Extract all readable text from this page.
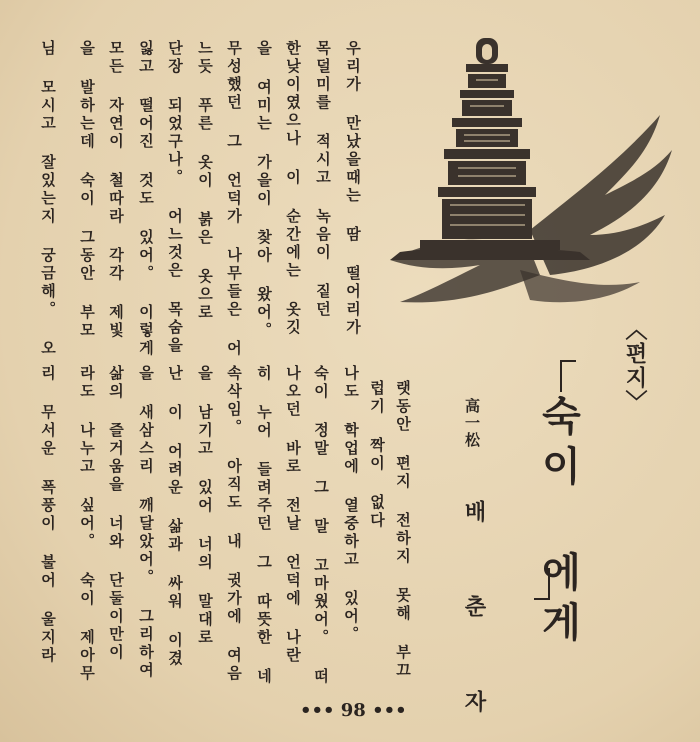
〈편지〉
숙이 에게
高一松
배 춘 자
우리가 만났을때는 땀 떨어리가
목덜미를 적시고 녹음이 짙던
한낮이였으나 이 순간에는 옷깃
을 여미는 가을이 찾아 왔어。
무성했던 그 언덕가 나무들은 어
느듯 푸른 옷이 붉은 옷으로
단장 되었구나。 어느것은 목숨을
잃고 떨어진 것도 있어。 이렇게
모든 자연이 철따라 각각 제빛
을 발하는데 숙이 그동안 부모
님 모시고 잘있는지 궁금해。 오
랫동안 편지 전하지 못해 부끄
럽기 짝이 없다
나도 학업에 열중하고 있어。
숙이 정말 그 말 고마웠어。 떠
나오던 바로 전날 언덕에 나란
히 누어 들려주던 그 따뜻한 네
속삭임。 아직도 내 귓가에 여음
을 남기고 있어 너의 말대로
난 이 어려운 삶과 싸워 이겼
을 새삼스리 깨달았어。 그리하여
삶의 즐거움을 너와 단둘이만이
라도 나누고 싶어。 숙이 제아무
리 무서운 폭풍이 불어 울지라
••• 98 •••
